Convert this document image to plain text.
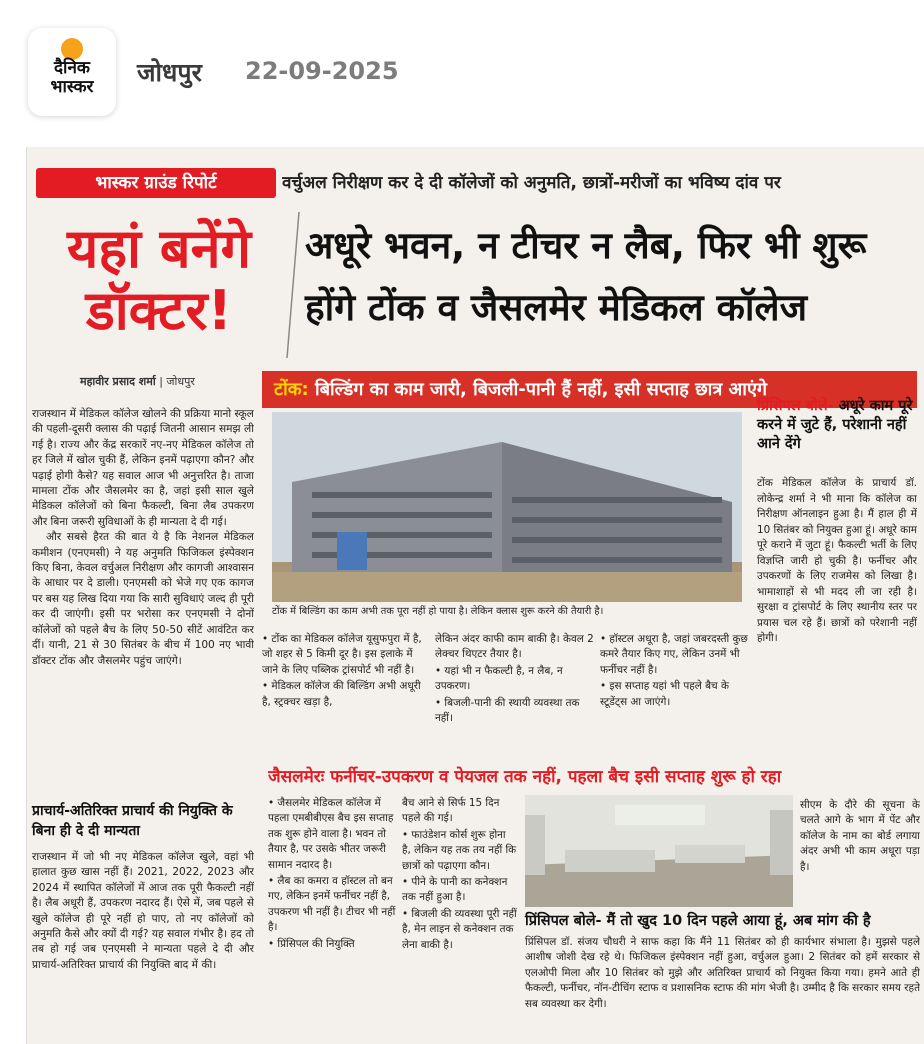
दैनिक
भास्कर	जोधपुर 22-09-2025
भास्कर ग्राउंड रिपोर्ट	वर्चुअल निरीक्षण कर दे दी कॉलेजों को अनुमति, छात्रों-मरीजों का भविष्य दांव पर
यहां बनेंगे
डॉक्टर!
अधूरे भवन, न टीचर न लैब, फिर भी शुरू
होंगे टोंक व जैसलमेर मेडिकल कॉलेज
महावीर प्रसाद शर्मा | जोधपुर

राजस्थान में मेडिकल कॉलेज खोलने की प्रक्रिया मानो स्कूल की पहली-दूसरी क्लास की पढ़ाई जितनी आसान समझ ली गई है। राज्य और केंद्र सरकारें नए-नए मेडिकल कॉलेज तो हर जिले में खोल चुकी हैं, लेकिन इनमें पढ़ाएगा कौन? और पढ़ाई होगी कैसे? यह सवाल आज भी अनुत्तरित है। ताजा मामला टोंक और जैसलमेर का है, जहां इसी साल खुले मेडिकल कॉलेजों को बिना फैकल्टी, बिना लैब उपकरण और बिना जरूरी सुविधाओं के ही मान्यता दे दी गई।

और सबसे हैरत की बात ये है कि नेशनल मेडिकल कमीशन (एनएमसी) ने यह अनुमति फिजिकल इंस्पेक्शन किए बिना, केवल वर्चुअल निरीक्षण और कागजी आश्वासन के आधार पर दे डाली। एनएमसी को भेजे गए एक कागज पर बस यह लिख दिया गया कि सारी सुविधाएं जल्द ही पूरी कर दी जाएंगी। इसी पर भरोसा कर एनएमसी ने दोनों कॉलेजों को पहले बैच के लिए 50-50 सीटें आवंटित कर दीं। यानी, 21 से 30 सितंबर के बीच में 100 नए भावी डॉक्टर टोंक और जैसलमेर पहुंच जाएंगे।

प्राचार्य-अतिरिक्त प्राचार्य की नियुक्ति के बिना ही दे दी मान्यता
राजस्थान में जो भी नए मेडिकल कॉलेज खुले, वहां भी हालात कुछ खास नहीं हैं। 2021, 2022, 2023 और 2024 में स्थापित कॉलेजों में आज तक पूरी फैकल्टी नहीं है। लैब अधूरी हैं, उपकरण नदारद हैं। ऐसे में, जब पहले से खुले कॉलेज ही पूरे नहीं हो पाए, तो नए कॉलेजों को अनुमति कैसे और क्यों दी गई? यह सवाल गंभीर है। हद तो तब हो गई जब एनएमसी ने मान्यता पहले दे दी और प्राचार्य-अतिरिक्त प्राचार्य की नियुक्ति बाद में की।
टोंक: बिल्डिंग का काम जारी, बिजली-पानी हैं नहीं, इसी सप्ताह छात्र आएंगे
टोंक में बिल्डिंग का काम अभी तक पूरा नहीं हो पाया है। लेकिन क्लास शुरू करने की तैयारी है।
प्रिंसिपल बोले- अधूरे काम पूरे करने में जुटे हैं, परेशानी नहीं आने देंगे
टोंक मेडिकल कॉलेज के प्राचार्य डॉ. लोकेन्द्र शर्मा ने भी माना कि कॉलेज का निरीक्षण ऑनलाइन हुआ है। मैं हाल ही में 10 सितंबर को नियुक्त हुआ हूं। अधूरे काम पूरे कराने में जुटा हूं। फैकल्टी भर्ती के लिए विज्ञप्ति जारी हो चुकी है। फर्नीचर और उपकरणों के लिए राजमेस को लिखा है। भामाशाहों से भी मदद ली जा रही है। सुरक्षा व ट्रांसपोर्ट के लिए स्थानीय स्तर पर प्रयास चल रहे हैं। छात्रों को परेशानी नहीं होगी।

• टोंक का मेडिकल कॉलेज यूसुफपुरा में है, जो शहर से 5 किमी दूर है। इस इलाके में जाने के लिए पब्लिक ट्रांसपोर्ट भी नहीं है।

• मेडिकल कॉलेज की बिल्डिंग अभी अधूरी है, स्ट्रक्चर खड़ा है,

लेकिन अंदर काफी काम बाकी है। केवल 2 लेक्चर थिएटर तैयार है।

• यहां भी न फैकल्टी है, न लैब, न उपकरण।

• बिजली-पानी की स्थायी व्यवस्था तक नहीं।

• हॉस्टल अधूरा है, जहां जबरदस्ती कुछ कमरे तैयार किए गए, लेकिन उनमें भी फर्नीचर नहीं है।

• इस सप्ताह यहां भी पहले बैच के स्टूडेंट्स आ जाएंगे।

जैसलमेरः फर्नीचर-उपकरण व पेयजल तक नहीं, पहला बैच इसी सप्ताह शुरू हो रहा

• जैसलमेर मेडिकल कॉलेज में पहला एमबीबीएस बैच इस सप्ताह तक शुरू होने वाला है। भवन तो तैयार है, पर उसके भीतर जरूरी सामान नदारद है।

• लैब का कमरा व हॉस्टल तो बन गए, लेकिन इनमें फर्नीचर नहीं है, उपकरण भी नहीं है। टीचर भी नहीं है।

• प्रिंसिपल की नियुक्ति

बैच आने से सिर्फ 15 दिन पहले की गई।

• फाउंडेशन कोर्स शुरू होना है, लेकिन यह तक तय नहीं कि छात्रों को पढ़ाएगा कौन।

• पीने के पानी का कनेक्शन तक नहीं हुआ है।

• बिजली की व्यवस्था पूरी नहीं है, मेन लाइन से कनेक्शन तक लेना बाकी है।

सीएम के दौरे की सूचना के चलते आगे के भाग में पेंट और कॉलेज के नाम का बोर्ड लगाया अंदर अभी भी काम अधूरा पड़ा है।
प्रिंसिपल बोले- मैं तो खुद 10 दिन पहले आया हूं, अब मांग की है
प्रिंसिपल डॉ. संजय चौधरी ने साफ कहा कि मैंने 11 सितंबर को ही कार्यभार संभाला है। मुझसे पहले आशीष जोशी देख रहे थे। फिजिकल इंस्पेक्शन नहीं हुआ, वर्चुअल हुआ। 2 सितंबर को हमें सरकार से एलओपी मिला और 10 सितंबर को मुझे और अतिरिक्त प्राचार्य को नियुक्त किया गया। हमने आते ही फैकल्टी, फर्नीचर, नॉन-टीचिंग स्टाफ व प्रशासनिक स्टाफ की मांग भेजी है। उम्मीद है कि सरकार समय रहते सब व्यवस्था कर देगी।
